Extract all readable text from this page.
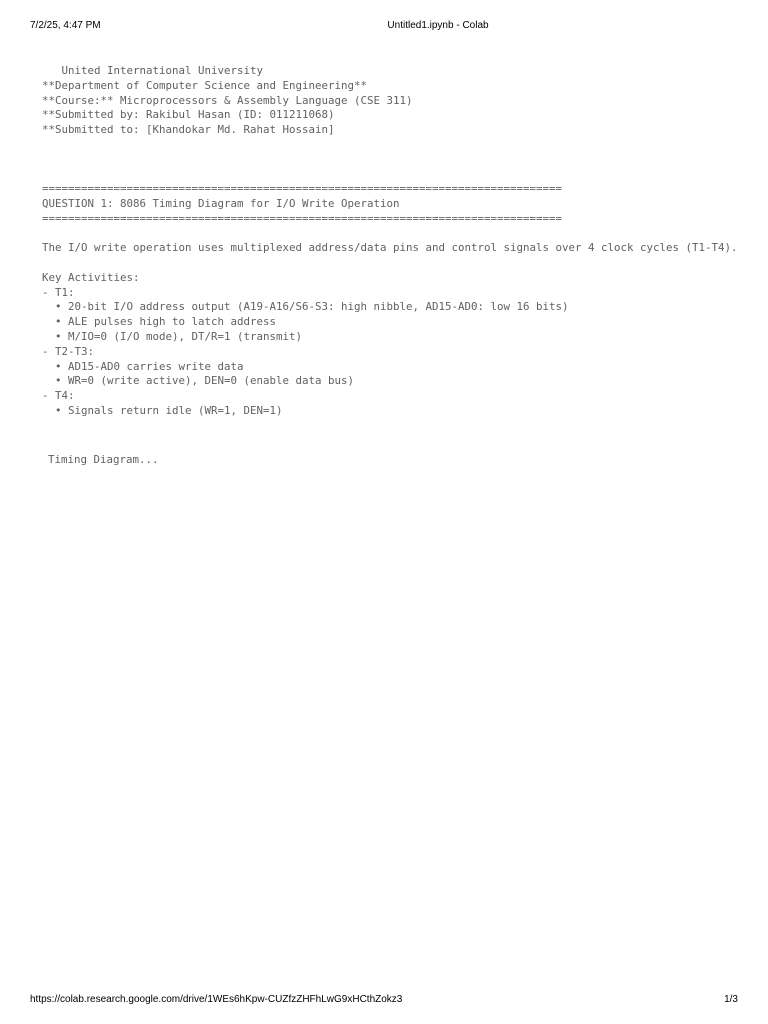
7/2/25, 4:47 PM	Untitled1.ipynb - Colab
United International University
**Department of Computer Science and Engineering**
**Course:** Microprocessors & Assembly Language (CSE 311)
**Submitted by: Rakibul Hasan (ID: 011211068)
**Submitted to: [Khandokar Md. Rahat Hossain]
================================================================================
QUESTION 1: 8086 Timing Diagram for I/O Write Operation
================================================================================
The I/O write operation uses multiplexed address/data pins and control signals over 4 clock cycles (T1-T4).
Key Activities:
- T1:
• 20-bit I/O address output (A19-A16/S6-S3: high nibble, AD15-AD0: low 16 bits)
• ALE pulses high to latch address
• M/IO=0 (I/O mode), DT/R=1 (transmit)
- T2-T3:
• AD15-AD0 carries write data
• WR=0 (write active), DEN=0 (enable data bus)
- T4:
• Signals return idle (WR=1, DEN=1)
Timing Diagram...
https://colab.research.google.com/drive/1WEs6hKpw-CUZfzZHFhLwG9xHCthZokz3	1/3
